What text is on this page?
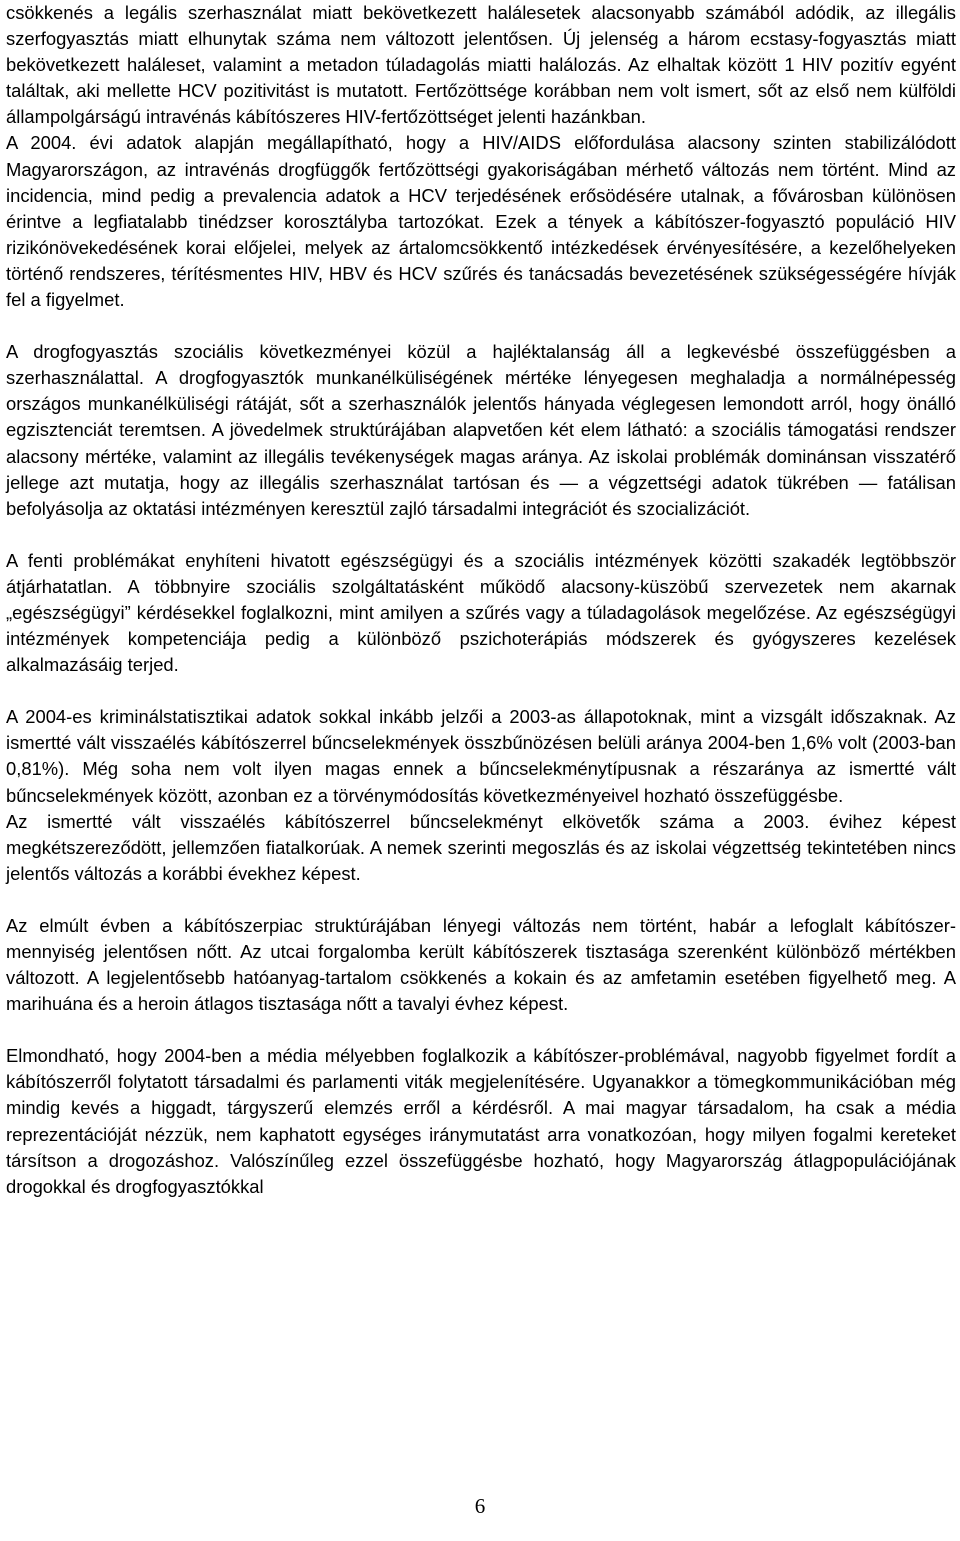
csökkenés a legális szerhasználat miatt bekövetkezett halálesetek alacsonyabb számából adódik, az illegális szerfogyasztás miatt elhunytak száma nem változott jelentősen. Új jelenség a három ecstasy-fogyasztás miatt bekövetkezett haláleset, valamint a metadon túladagolás miatti halálozás. Az elhaltak között 1 HIV pozitív egyént találtak, aki mellette HCV pozitivitást is mutatott. Fertőzöttsége korábban nem volt ismert, sőt az első nem külföldi állampolgárságú intravénás kábítószeres HIV-fertőzöttséget jelenti hazánkban.

A 2004. évi adatok alapján megállapítható, hogy a HIV/AIDS előfordulása alacsony szinten stabilizálódott Magyarországon, az intravénás drogfüggők fertőzöttségi gyakoriságában mérhető változás nem történt. Mind az incidencia, mind pedig a prevalencia adatok a HCV terjedésének erősödésére utalnak, a fővárosban különösen érintve a legfiatalabb tinédzser korosztályba tartozókat. Ezek a tények a kábítószer-fogyasztó populáció HIV rizikónövekedésének korai előjelei, melyek az ártalomcsökkentő intézkedések érvényesítésére, a kezelőhelyeken történő rendszeres, térítésmentes HIV, HBV és HCV szűrés és tanácsadás bevezetésének szükségességére hívják fel a figyelmet.

A drogfogyasztás szociális következményei közül a hajléktalanság áll a legkevésbé összefüggésben a szerhasználattal. A drogfogyasztók munkanélküliségének mértéke lényegesen meghaladja a normálnépesség országos munkanélküliségi rátáját, sőt a szerhasználók jelentős hányada véglegesen lemondott arról, hogy önálló egzisztenciát teremtsen. A jövedelmek struktúrájában alapvetően két elem látható: a szociális támogatási rendszer alacsony mértéke, valamint az illegális tevékenységek magas aránya. Az iskolai problémák dominánsan visszatérő jellege azt mutatja, hogy az illegális szerhasználat tartósan és — a végzettségi adatok tükrében — fatálisan befolyásolja az oktatási intézményen keresztül zajló társadalmi integrációt és szocializációt.

A fenti problémákat enyhíteni hivatott egészségügyi és a szociális intézmények közötti szakadék legtöbbször átjárhatatlan. A többnyire szociális szolgáltatásként működő alacsony-küszöbű szervezetek nem akarnak „egészségügyi” kérdésekkel foglalkozni, mint amilyen a szűrés vagy a túladagolások megelőzése. Az egészségügyi intézmények kompetenciája pedig a különböző pszichoterápiás módszerek és gyógyszeres kezelések alkalmazásáig terjed.

A 2004-es kriminálstatisztikai adatok sokkal inkább jelzői a 2003-as állapotoknak, mint a vizsgált időszaknak. Az ismertté vált visszaélés kábítószerrel bűncselekmények összbűnözésen belüli aránya 2004-ben 1,6% volt (2003-ban 0,81%). Még soha nem volt ilyen magas ennek a bűncselekménytípusnak a részaránya az ismertté vált bűncselekmények között, azonban ez a törvénymódosítás következményeivel hozható összefüggésbe.

Az ismertté vált visszaélés kábítószerrel bűncselekményt elkövetők száma a 2003. évihez képest megkétszereződött, jellemzően fiatalkorúak. A nemek szerinti megoszlás és az iskolai végzettség tekintetében nincs jelentős változás a korábbi évekhez képest.

Az elmúlt évben a kábítószerpiac struktúrájában lényegi változás nem történt, habár a lefoglalt kábítószer-mennyiség jelentősen nőtt. Az utcai forgalomba került kábítószerek tisztasága szerenként különböző mértékben változott. A legjelentősebb hatóanyag-tartalom csökkenés a kokain és az amfetamin esetében figyelhető meg. A marihuána és a heroin átlagos tisztasága nőtt a tavalyi évhez képest.

Elmondható, hogy 2004-ben a média mélyebben foglalkozik a kábítószer-problémával, nagyobb figyelmet fordít a kábítószerről folytatott társadalmi és parlamenti viták megjelenítésére. Ugyanakkor a tömegkommunikációban még mindig kevés a higgadt, tárgyszerű elemzés erről a kérdésről. A mai magyar társadalom, ha csak a média reprezentációját nézzük, nem kaphatott egységes iránymutatást arra vonatkozóan, hogy milyen fogalmi kereteket társítson a drogozáshoz. Valószínűleg ezzel összefüggésbe hozható, hogy Magyarország átlagpopulációjának drogokkal és drogfogyasztókkal

6
